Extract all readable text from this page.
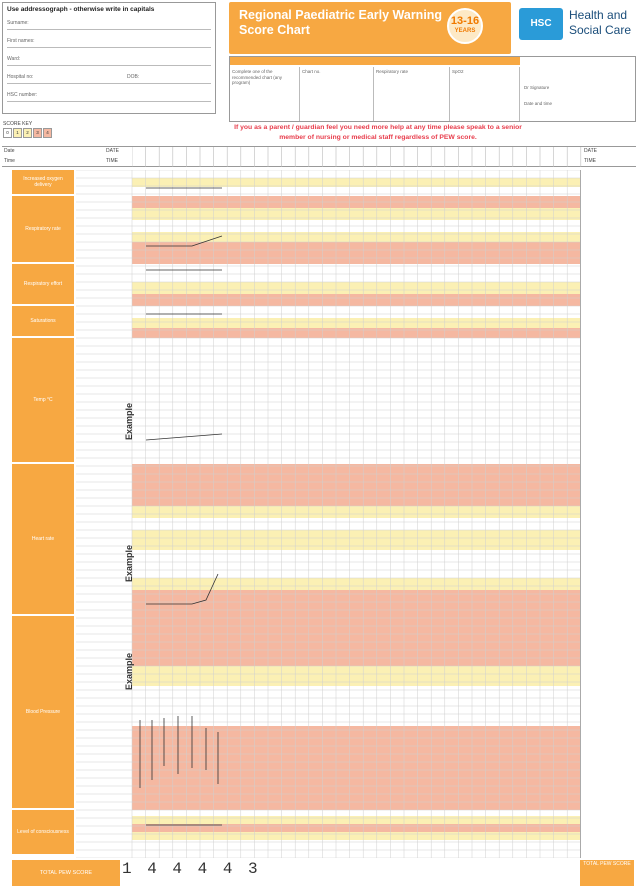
Use addressograph - otherwise write in capitals
Surname:
First names:
Ward:
Hospital no:	DOB:
HSC number:
Regional Paediatric Early Warning Score Chart
13-16
YEARS
HSC
Health and
Social Care
Complete one of the recommended chart (any program)
Chart no.	Respiratory rate	SpO2
Dr Signature
Date and time
SCORE KEY
0 1 2 3 4
If you as a parent / guardian feel you need more help at any time please speak to a senior
member of nursing or medical staff regardless of PEW score.
Date
Time
DATE
TIME
DATE
TIME
Increased oxygen delivery
Respiratory rate
Respiratory effort
Saturations
Temp °C
Heart rate
Blood Pressure
Level of consciousness
Example
Example
Example
TOTAL PEW SCORE	1 4 4 4 4 3	TOTAL PEW SCORE
